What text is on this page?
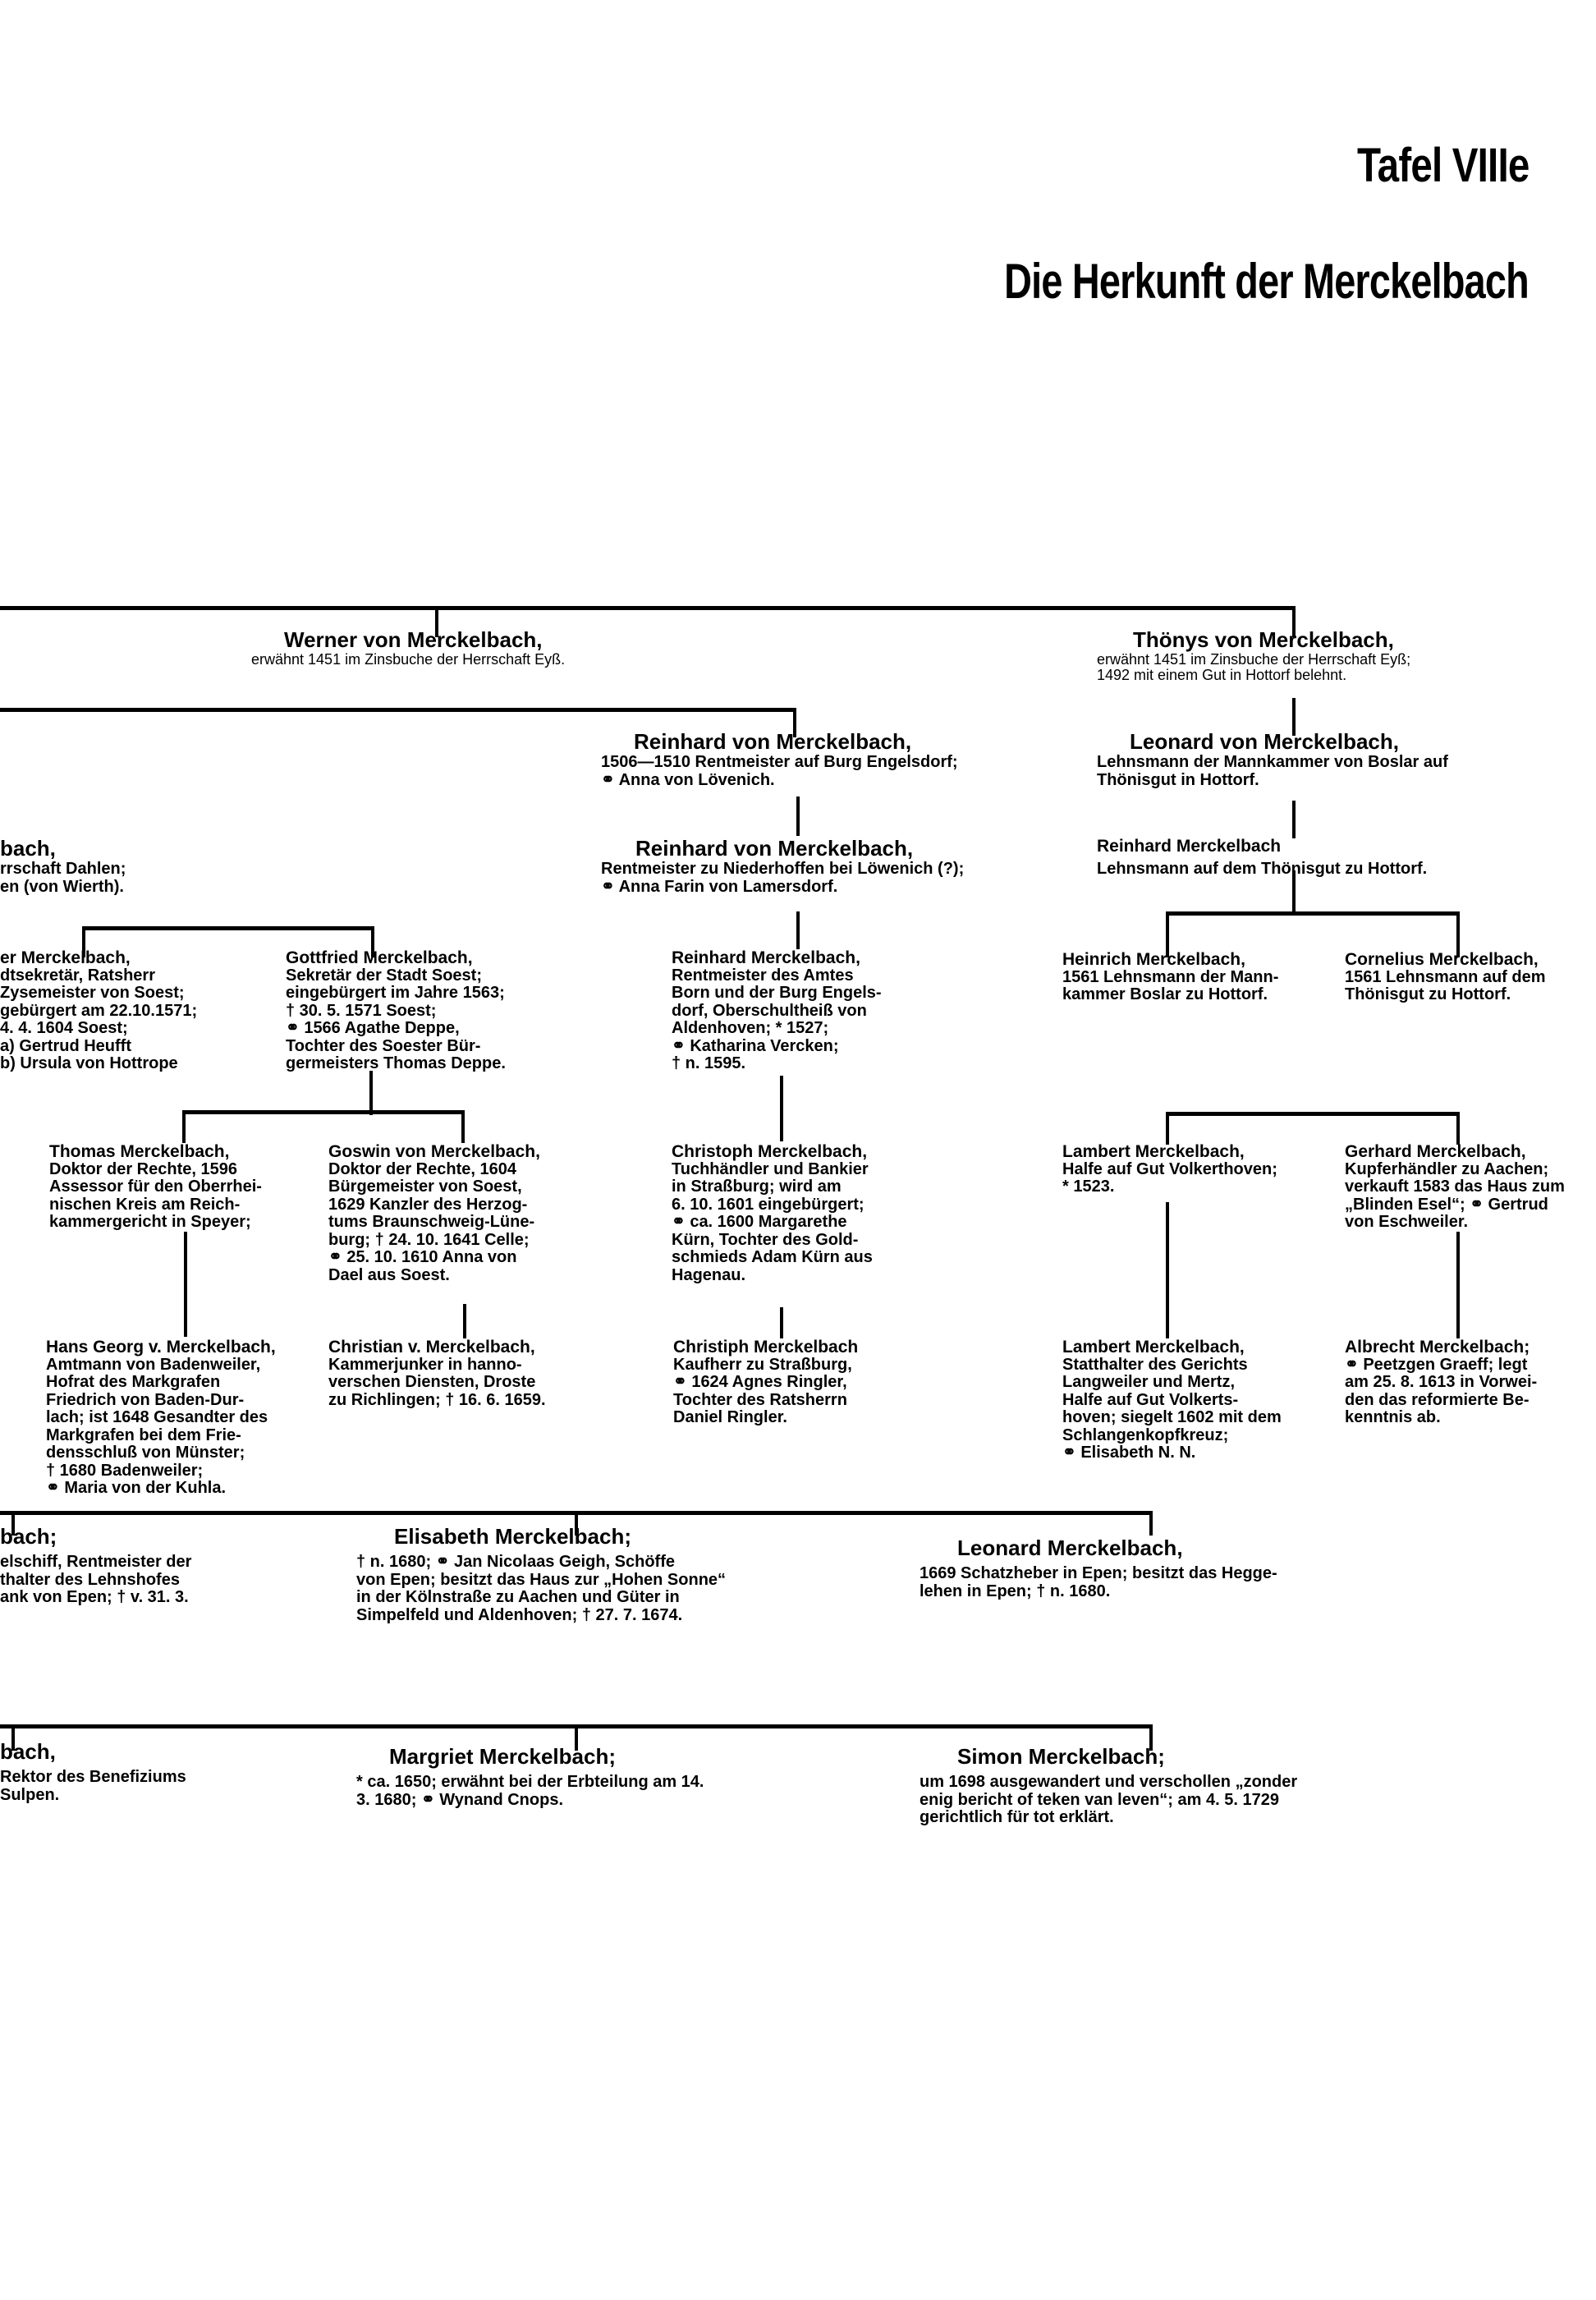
Tafel VIIIe
Die Herkunft der Merckelbach
Werner von Merckelbach,
erwähnt 1451 im Zinsbuche der Herrschaft Eyß.
Thönys von Merckelbach,
erwähnt 1451 im Zinsbuche der Herrschaft Eyß;
1492 mit einem Gut in Hottorf belehnt.
Reinhard von Merckelbach,
1506—1510 Rentmeister auf Burg Engelsdorf;
⚭ Anna von Lövenich.
Leonard von Merckelbach,
Lehnsmann der Mannkammer von Boslar auf
Thönisgut in Hottorf.
bach,
rrschaft Dahlen;
en (von Wierth).
Reinhard von Merckelbach,
Rentmeister zu Niederhoffen bei Löwenich (?);
⚭ Anna Farin von Lamersdorf.
Reinhard Merckelbach
Lehnsmann auf dem Thönisgut zu Hottorf.
er Merckelbach,
dtsekretär, Ratsherr
Zysemeister von Soest;
gebürgert am 22.10.1571;
4. 4. 1604 Soest;
a) Gertrud Heufft
b) Ursula von Hottrope
Gottfried Merckelbach,
Sekretär der Stadt Soest;
eingebürgert im Jahre 1563;
† 30. 5. 1571 Soest;
⚭ 1566 Agathe Deppe,
Tochter des Soester Bür-
germeisters Thomas Deppe.
Reinhard Merckelbach,
Rentmeister des Amtes
Born und der Burg Engels-
dorf, Oberschultheiß von
Aldenhoven; * 1527;
⚭ Katharina Vercken;
† n. 1595.
Heinrich Merckelbach,
1561 Lehnsmann der Mann-
kammer Boslar zu Hottorf.
Cornelius Merckelbach,
1561 Lehnsmann auf dem
Thönisgut zu Hottorf.
Thomas Merckelbach,
Doktor der Rechte, 1596
Assessor für den Oberrhei-
nischen Kreis am Reich-
kammergericht in Speyer;
Goswin von Merckelbach,
Doktor der Rechte, 1604
Bürgemeister von Soest,
1629 Kanzler des Herzog-
tums Braunschweig-Lüne-
burg; † 24. 10. 1641 Celle;
⚭ 25. 10. 1610 Anna von
Dael aus Soest.
Christoph Merckelbach,
Tuchhändler und Bankier
in Straßburg; wird am
6. 10. 1601 eingebürgert;
⚭ ca. 1600 Margarethe
Kürn, Tochter des Gold-
schmieds Adam Kürn aus
Hagenau.
Lambert Merckelbach,
Halfe auf Gut Volkerthoven;
* 1523.
Gerhard Merckelbach,
Kupferhändler zu Aachen;
verkauft 1583 das Haus zum
„Blinden Esel“; ⚭ Gertrud
von Eschweiler.
Hans Georg v. Merckelbach,
Amtmann von Badenweiler,
Hofrat des Markgrafen
Friedrich von Baden-Dur-
lach; ist 1648 Gesandter des
Markgrafen bei dem Frie-
densschluß von Münster;
† 1680 Badenweiler;
⚭ Maria von der Kuhla.
Christian v. Merckelbach,
Kammerjunker in hanno-
verschen Diensten, Droste
zu Richlingen; † 16. 6. 1659.
Christiph Merckelbach
Kaufherr zu Straßburg,
⚭ 1624 Agnes Ringler,
Tochter des Ratsherrn
Daniel Ringler.
Lambert Merckelbach,
Statthalter des Gerichts
Langweiler und Mertz,
Halfe auf Gut Volkerts-
hoven; siegelt 1602 mit dem
Schlangenkopfkreuz;
⚭ Elisabeth N. N.
Albrecht Merckelbach;
⚭ Peetzgen Graeff; legt
am 25. 8. 1613 in Vorwei-
den das reformierte Be-
kenntnis ab.
bach;
elschiff, Rentmeister der
thalter des Lehnshofes
ank von Epen; † v. 31. 3.
Elisabeth Merckelbach;
† n. 1680; ⚭ Jan Nicolaas Geigh, Schöffe
von Epen; besitzt das Haus zur „Hohen Sonne“
in der Kölnstraße zu Aachen und Güter in
Simpelfeld und Aldenhoven; † 27. 7. 1674.
Leonard Merckelbach,
1669 Schatzheber in Epen; besitzt das Hegge-
lehen in Epen; † n. 1680.
bach,
Rektor des Benefiziums
Sulpen.
Margriet Merckelbach;
* ca. 1650; erwähnt bei der Erbteilung am 14.
3. 1680; ⚭ Wynand Cnops.
Simon Merckelbach;
um 1698 ausgewandert und verschollen „zonder
enig bericht of teken van leven“; am 4. 5. 1729
gerichtlich für tot erklärt.
